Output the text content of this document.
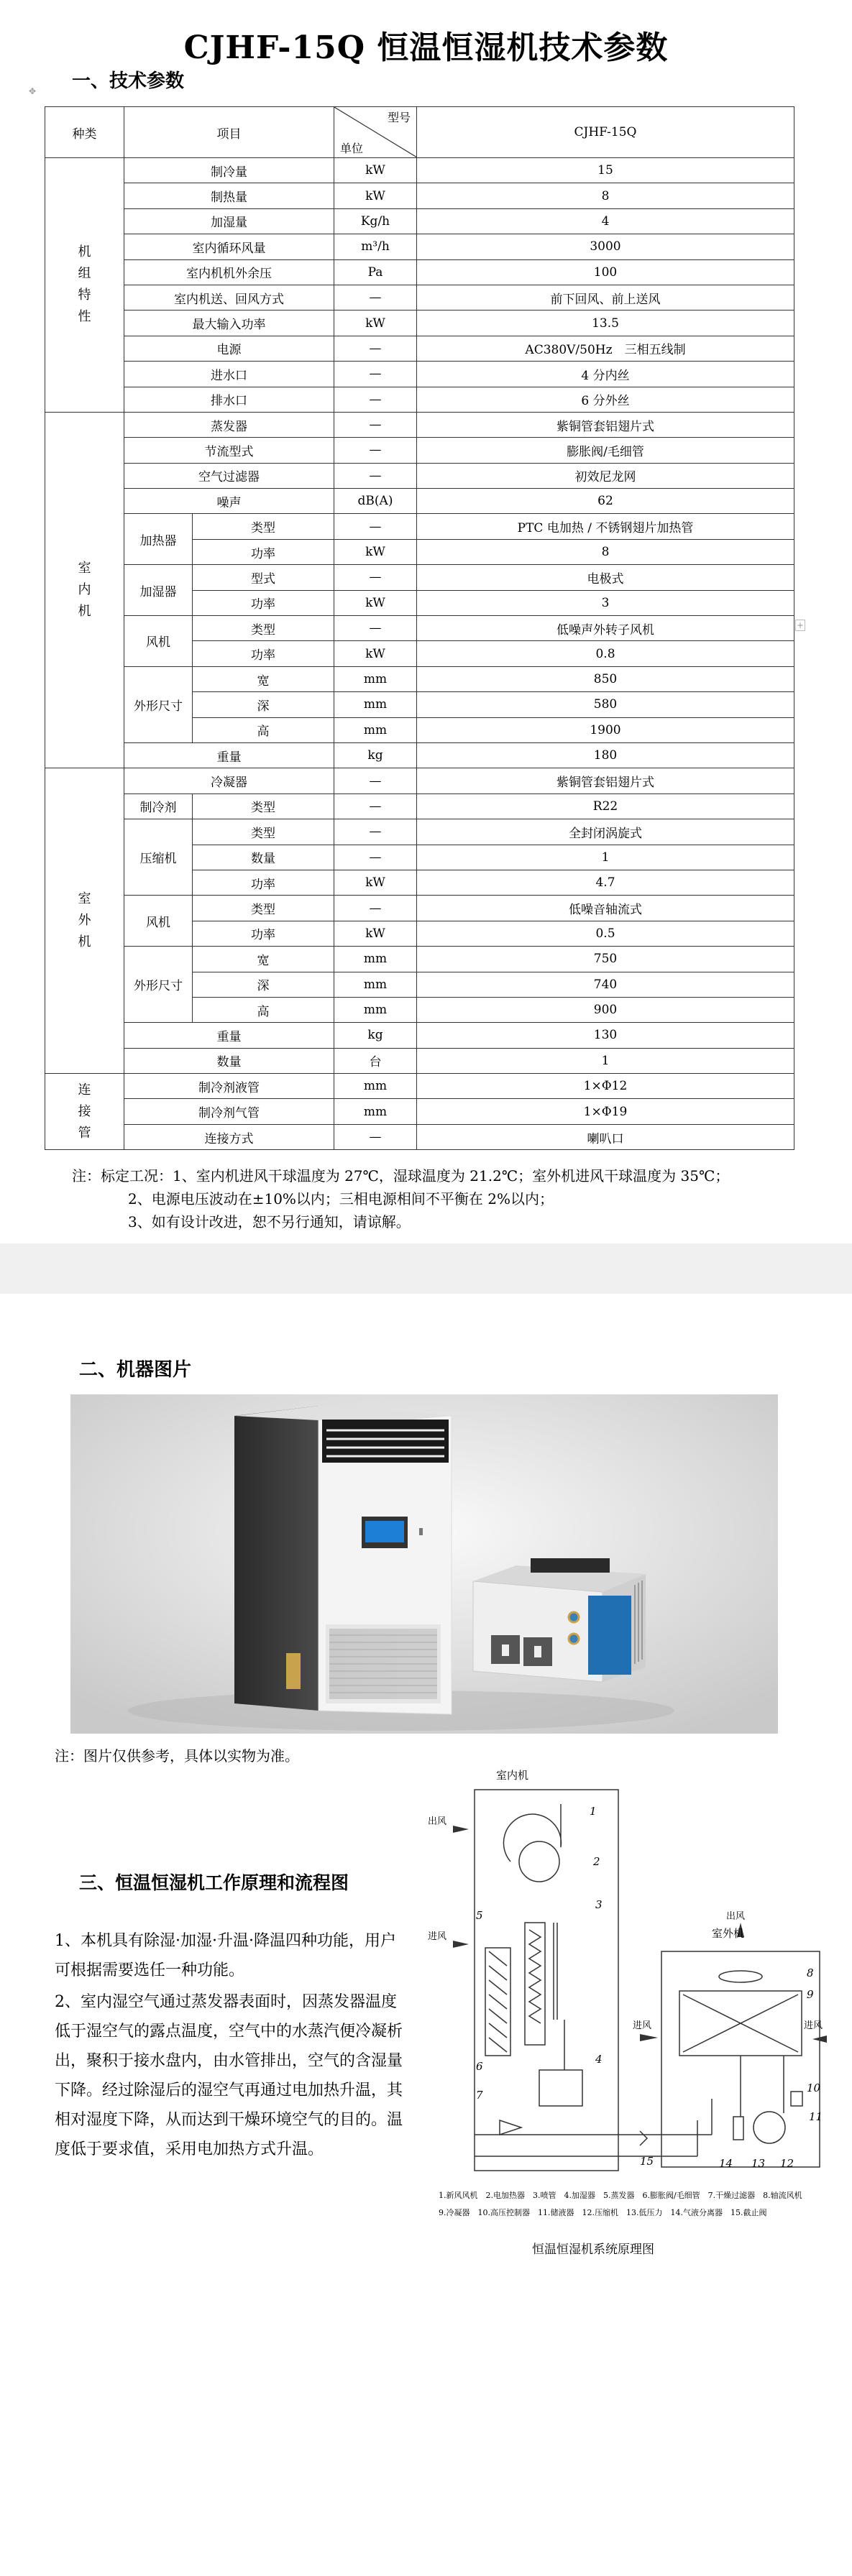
✥
CJHF-15Q 恒温恒湿机技术参数
一、技术参数
种类	项目		型号
单位	CJHF-15Q

机组特性	制冷量		kW	15
	制热量		kW	8
	加湿量		Kg/h	4
	室内循环风量		m³/h	3000
	室内机机外余压		Pa	100
	室内机送、回风方式		—	前下回风、前上送风
	最大输入功率		kW	13.5
	电源		—	AC380V/50Hz　三相五线制
	进水口		—	4 分内丝
	排水口		—	6 分外丝

室内机	蒸发器		—	紫铜管套铝翅片式
	节流型式		—	膨胀阀/毛细管
	空气过滤器		—	初效尼龙网
	噪声		dB(A)	62
	加热器	类型	—	PTC 电加热 / 不锈钢翅片加热管
		功率	kW	8
	加湿器	型式	—	电极式
		功率	kW	3
	风机	类型	—	低噪声外转子风机
		功率	kW	0.8
	外形尺寸	宽	mm	850
		深	mm	580
		高	mm	1900
	重量		kg	180

室外机	冷凝器		—	紫铜管套铝翅片式
	制冷剂	类型	—	R22
	压缩机	类型	—	全封闭涡旋式
		数量	—	1
		功率	kW	4.7
	风机	类型	—	低噪音轴流式
		功率	kW	0.5
	外形尺寸	宽	mm	750
		深	mm	740
		高	mm	900
	重量		kg	130
	数量		台	1

连接管	制冷剂液管		mm	1×Φ12
	制冷剂气管		mm	1×Φ19
	连接方式		—	喇叭口
+
注：标定工况：1、室内机进风干球温度为 27℃，湿球温度为 21.2℃；室外机进风干球温度为 35℃；
2、电源电压波动在±10%以内；三相电源相间不平衡在 2%以内；
3、如有设计改进，恕不另行通知，请谅解。
二、机器图片
注：图片仅供参考，具体以实物为准。
三、恒温恒湿机工作原理和流程图
1、本机具有除湿·加湿·升温·降温四种功能，用户可根据需要选任一种功能。
2、室内湿空气通过蒸发器表面时，因蒸发器温度低于湿空气的露点温度，空气中的水蒸汽便冷凝析出，聚积于接水盘内，由水管排出，空气的含湿量下降。经过除湿后的湿空气再通过电加热升温，其相对湿度下降，从而达到干燥环境空气的目的。温度低于要求值，采用电加热方式升温。
室内机
室外机
出风
进风
出风
进风	进风
1
2
3
4
5
6
7
8
9
10
11
12
13
14
15
1.新风风机　2.电加热器　3.喷管　4.加湿器　5.蒸发器　6.膨胀阀/毛细管　7.干燥过滤器　8.轴流风机
9.冷凝器　10.高压控制器　11.储液器　12.压缩机　13.低压力　14.气液分离器　15.截止阀
恒温恒湿机系统原理图
